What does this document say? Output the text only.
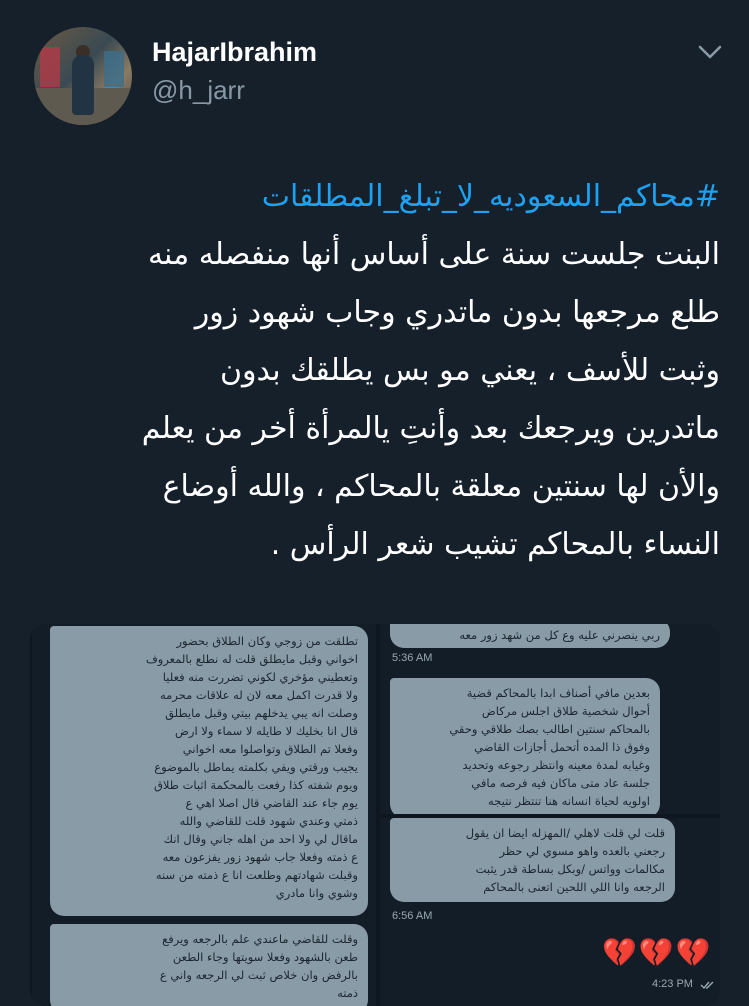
HajarIbrahim
@h_jarr
#محاكم_السعوديه_لا_تبلغ_المطلقات
البنت جلست سنة على أساس أنها منفصله منه
طلع مرجعها بدون ماتدري وجاب شهود زور
وثبت للأسف ، يعني مو بس يطلقك بدون
ماتدرين ويرجعك بعد وأنتِ يالمرأة أخر من يعلم
والأن لها سنتين معلقة بالمحاكم ، والله أوضاع
النساء بالمحاكم تشيب شعر الرأس .
تطلقت من زوجي وكان الطلاق بحضور
اخواني وقبل مايطلق قلت له نطلع بالمعروف
وتعطيني مؤخري لكوني تضررت منه فعليا
ولا قدرت اكمل معه لان له علاقات محرمه
وصلت انه يبي يدخلهم بيتي وقبل مايطلق
قال انا بخليك لا طايله لا سماء ولا ارض
وفعلا تم الطلاق وتواصلوا معه اخواني
يجيب ورقتي ويفي بكلمته يماطل بالموضوع
ويوم شفته كذا رفعت بالمحكمة اثبات طلاق
يوم جاء عند القاضي قال اصلا اهي ع
ذمتي وعندي شهود قلت للقاضي والله
ماقال لي ولا احد من اهله جاني وقال انك
ع ذمته وفعلا جاب شهود زور يفزعون معه
وقبلت شهادتهم وطلعت انا ع ذمته من سنه
وشوي وانا مادري
وقلت للقاضي ماعندي علم بالرجعه ويرفع
طعن بالشهود وفعلا سويتها وجاء الطعن
بالرفض وان خلاص ثبت لي الرجعه واني ع
ذمته
ربي ينصرني عليه وع كل من شهد زور معه
5:36 AM
بعدين مافي أصناف ابدا بالمحاكم قضية
أحوال شخصية طلاق اجلس مركاض
بالمحاكم سنتين اطالب بصك طلاقي وحقي
وفوق ذا المده أتحمل أجازات القاضي
وغيابه لمدة معينه وانتظر رجوعه وتحديد
جلسة عاد متى ماكان فيه فرصه مافي
اولويه لحياة انسانه هنا تنتظر نتيجه
قلت لي قلت لاهلي /المهزله ايضا ان يقول
رجعني بالعده واهو مسوي لي حظر
مكالمات وواتس /وبكل بساطة قدر يثبت
الرجعه وانا اللي اللحين اتعنى بالمحاكم
6:56 AM
💔💔💔
4:23 PM
